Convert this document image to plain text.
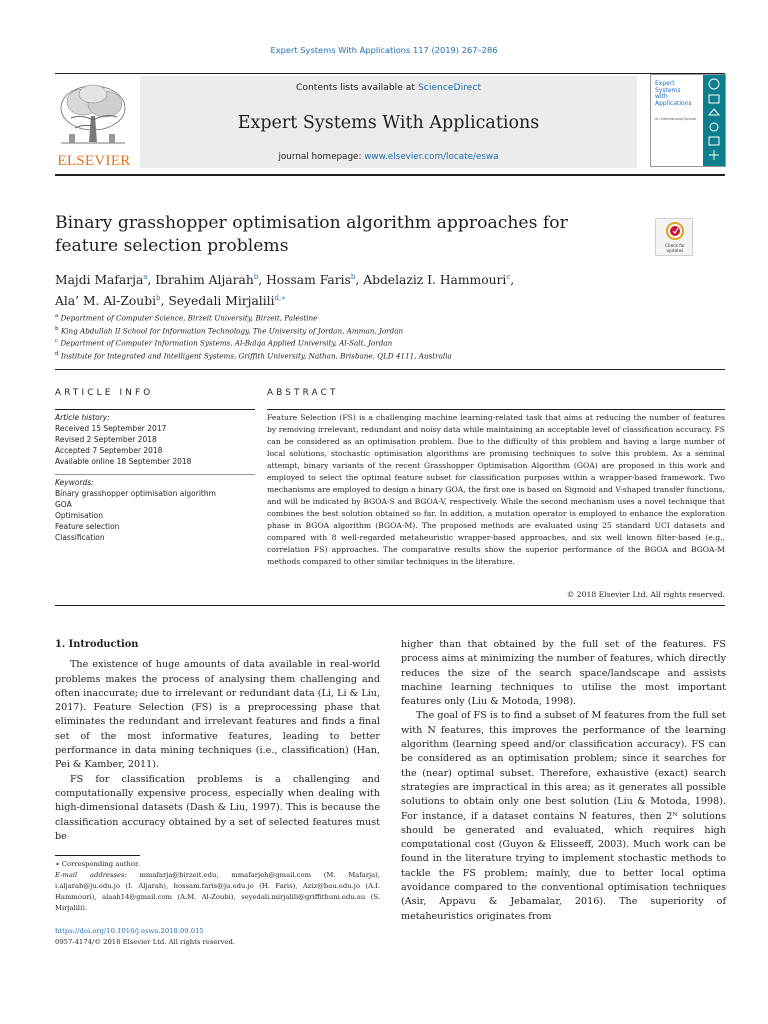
Expert Systems With Applications 117 (2019) 267–286
ELSEVIER
Contents lists available at ScienceDirect
Expert Systems With Applications
journal homepage: www.elsevier.com/locate/eswa
Expert
Systems
with
Applications
An International Journal
Binary grasshopper optimisation algorithm approaches for feature selection problems	Check for updates
Majdi Mafarja$^a$, Ibrahim Aljarah$^b$, Hossam Faris$^b$, Abdelaziz I. Hammouri$^c$,
Ala’ M. Al-Zoubi$^b$, Seyedali Mirjalili$^{d,∗}$
$^a$ Department of Computer Science, Birzeit University, Birzeit, Palestine
$^b$ King Abdullah II School for Information Technology, The University of Jordan, Amman, Jordan
$^c$ Department of Computer Information Systems, Al-Balqa Applied University, Al-Salt, Jordan
$^d$ Institute for Integrated and Intelligent Systems, Griffith University, Nathan, Brisbane, QLD 4111, Australia
ARTICLE INFO	ABSTRACT
Article history:
Received 15 September 2017
Revised 2 September 2018
Accepted 7 September 2018
Available online 18 September 2018
Keywords:
Binary grasshopper optimisation algorithm
GOA
Optimisation
Feature selection
Classification
Feature Selection (FS) is a challenging machine learning-related task that aims at reducing the number of features by removing irrelevant, redundant and noisy data while maintaining an acceptable level of classification accuracy. FS can be considered as an optimisation problem. Due to the difficulty of this problem and having a large number of local solutions, stochastic optimisation algorithms are promising techniques to solve this problem. As a seminal attempt, binary variants of the recent Grasshopper Optimisation Algorithm (GOA) are proposed in this work and employed to select the optimal feature subset for classification purposes within a wrapper-based framework. Two mechanisms are employed to design a binary GOA, the first one is based on Sigmoid and V-shaped transfer functions, and will be indicated by BGOA-S and BGOA-V, respectively. While the second mechanism uses a novel technique that combines the best solution obtained so far. In addition, a mutation operator is employed to enhance the exploration phase in BGOA algorithm (BGOA-M). The proposed methods are evaluated using 25 standard UCI datasets and compared with 8 well-regarded metaheuristic wrapper-based approaches, and six well known filter-based (e.g., correlation FS) approaches. The comparative results show the superior performance of the BGOA and BGOA-M methods compared to other similar techniques in the literature.
© 2018 Elsevier Ltd. All rights reserved.
1. Introduction

The existence of huge amounts of data available in real-world problems makes the process of analysing them challenging and often inaccurate; due to irrelevant or redundant data (Li, Li & Liu, 2017). Feature Selection (FS) is a preprocessing phase that eliminates the redundant and irrelevant features and finds a final set of the most informative features, leading to better performance in data mining techniques (i.e., classification) (Han, Pei & Kamber, 2011).

FS for classification problems is a challenging and computationally expensive process, especially when dealing with high-dimensional datasets (Dash & Liu, 1997). This is because the classification accuracy obtained by a set of selected features must be

higher than that obtained by the full set of the features. FS process aims at minimizing the number of features, which directly reduces the size of the search space/landscape and assists machine learning techniques to utilise the most important features only (Liu & Motoda, 1998).

The goal of FS is to find a subset of M features from the full set with N features, this improves the performance of the learning algorithm (learning speed and/or classification accuracy). FS can be considered as an optimisation problem; since it searches for the (near) optimal subset. Therefore, exhaustive (exact) search strategies are impractical in this area; as it generates all possible solutions to obtain only one best solution (Liu & Motoda, 1998). For instance, if a dataset contains N features, then 2ᴺ solutions should be generated and evaluated, which requires high computational cost (Guyon & Elisseeff, 2003). Much work can be found in the literature trying to implement stochastic methods to tackle the FS problem; mainly, due to better local optima avoidance compared to the conventional optimisation techniques (Asir, Appavu & Jebamalar, 2016). The superiority of metaheuristics originates from

∗ Corresponding author.
E-mail addresses: mmafarja@birzeit.edu, mmafarjeh@gmail.com (M. Mafarja), i.aljarah@ju.edu.jo (I. Aljarah), hossam.faris@ju.edu.jo (H. Faris), Aziz@bau.edu.jo (A.I. Hammouri), alaah14@gmail.com (A.M. Al-Zoubi), seyedali.mirjalili@griffithuni.edu.au (S. Mirjalili).
https://doi.org/10.1016/j.eswa.2018.09.015
0957-4174/© 2018 Elsevier Ltd. All rights reserved.
